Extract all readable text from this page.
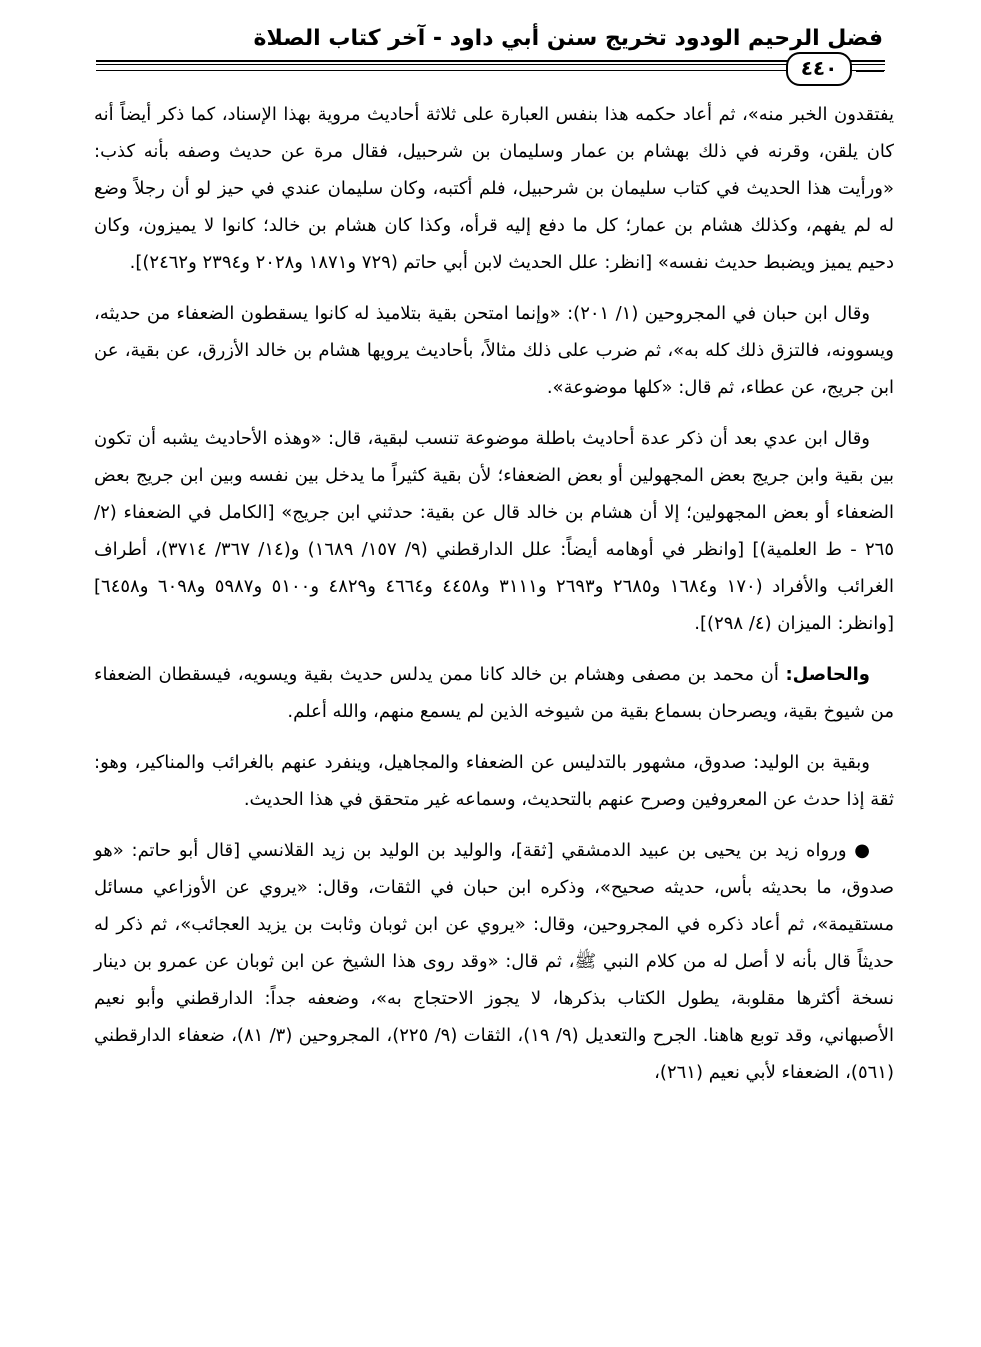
فضل الرحيم الودود تخريج سنن أبي داود - آخر كتاب الصلاة
٤٤٠

يفتقدون الخبر منه»، ثم أعاد حكمه هذا بنفس العبارة على ثلاثة أحاديث مروية بهذا الإسناد، كما ذكر أيضاً أنه كان يلقن، وقرنه في ذلك بهشام بن عمار وسليمان بن شرحبيل، فقال مرة عن حديث وصفه بأنه كذب: «ورأيت هذا الحديث في كتاب سليمان بن شرحبيل، فلم أكتبه، وكان سليمان عندي في حيز لو أن رجلاً وضع له لم يفهم، وكذلك هشام بن عمار؛ كل ما دفع إليه قرأه، وكذا كان هشام بن خالد؛ كانوا لا يميزون، وكان دحيم يميز ويضبط حديث نفسه» [انظر: علل الحديث لابن أبي حاتم (٧٢٩ و١٨٧١ و٢٠٢٨ و٢٣٩٤ و٢٤٦٢)].

وقال ابن حبان في المجروحين (١/ ٢٠١): «وإنما امتحن بقية بتلاميذ له كانوا يسقطون الضعفاء من حديثه، ويسوونه، فالتزق ذلك كله به»، ثم ضرب على ذلك مثالاً، بأحاديث يرويها هشام بن خالد الأزرق، عن بقية، عن ابن جريج، عن عطاء، ثم قال: «كلها موضوعة».

وقال ابن عدي بعد أن ذكر عدة أحاديث باطلة موضوعة تنسب لبقية، قال: «وهذه الأحاديث يشبه أن تكون بين بقية وابن جريج بعض المجهولين أو بعض الضعفاء؛ لأن بقية كثيراً ما يدخل بين نفسه وبين ابن جريج بعض الضعفاء أو بعض المجهولين؛ إلا أن هشام بن خالد قال عن بقية: حدثني ابن جريج» [الكامل في الضعفاء (٢/ ٢٦٥ - ط العلمية)] [وانظر في أوهامه أيضاً: علل الدارقطني (٩/ ١٥٧/ ١٦٨٩) و(١٤/ ٣٦٧/ ٣٧١٤)، أطراف الغرائب والأفراد (١٧٠ و١٦٨٤ و٢٦٨٥ و٢٦٩٣ و٣١١١ و٤٤٥٨ و٤٦٦٤ و٤٨٢٩ و٥١٠٠ و٥٩٨٧ و٦٠٩٨ و٦٤٥٨] [وانظر: الميزان (٤/ ٢٩٨)].

والحاصل: أن محمد بن مصفى وهشام بن خالد كانا ممن يدلس حديث بقية ويسويه، فيسقطان الضعفاء من شيوخ بقية، ويصرحان بسماع بقية من شيوخه الذين لم يسمع منهم، والله أعلم.

وبقية بن الوليد: صدوق، مشهور بالتدليس عن الضعفاء والمجاهيل، وينفرد عنهم بالغرائب والمناكير، وهو: ثقة إذا حدث عن المعروفين وصرح عنهم بالتحديث، وسماعه غير متحقق في هذا الحديث.

● ورواه زيد بن يحيى بن عبيد الدمشقي [ثقة]، والوليد بن الوليد بن زيد القلانسي [قال أبو حاتم: «هو صدوق، ما بحديثه بأس، حديثه صحيح»، وذكره ابن حبان في الثقات، وقال: «يروي عن الأوزاعي مسائل مستقيمة»، ثم أعاد ذكره في المجروحين، وقال: «يروي عن ابن ثوبان وثابت بن يزيد العجائب»، ثم ذكر له حديثاً قال بأنه لا أصل له من كلام النبي ﷺ، ثم قال: «وقد روى هذا الشيخ عن ابن ثوبان عن عمرو بن دينار نسخة أكثرها مقلوبة، يطول الكتاب بذكرها، لا يجوز الاحتجاج به»، وضعفه جداً: الدارقطني وأبو نعيم الأصبهاني، وقد توبع هاهنا. الجرح والتعديل (٩/ ١٩)، الثقات (٩/ ٢٢٥)، المجروحين (٣/ ٨١)، ضعفاء الدارقطني (٥٦١)، الضعفاء لأبي نعيم (٢٦١)،
